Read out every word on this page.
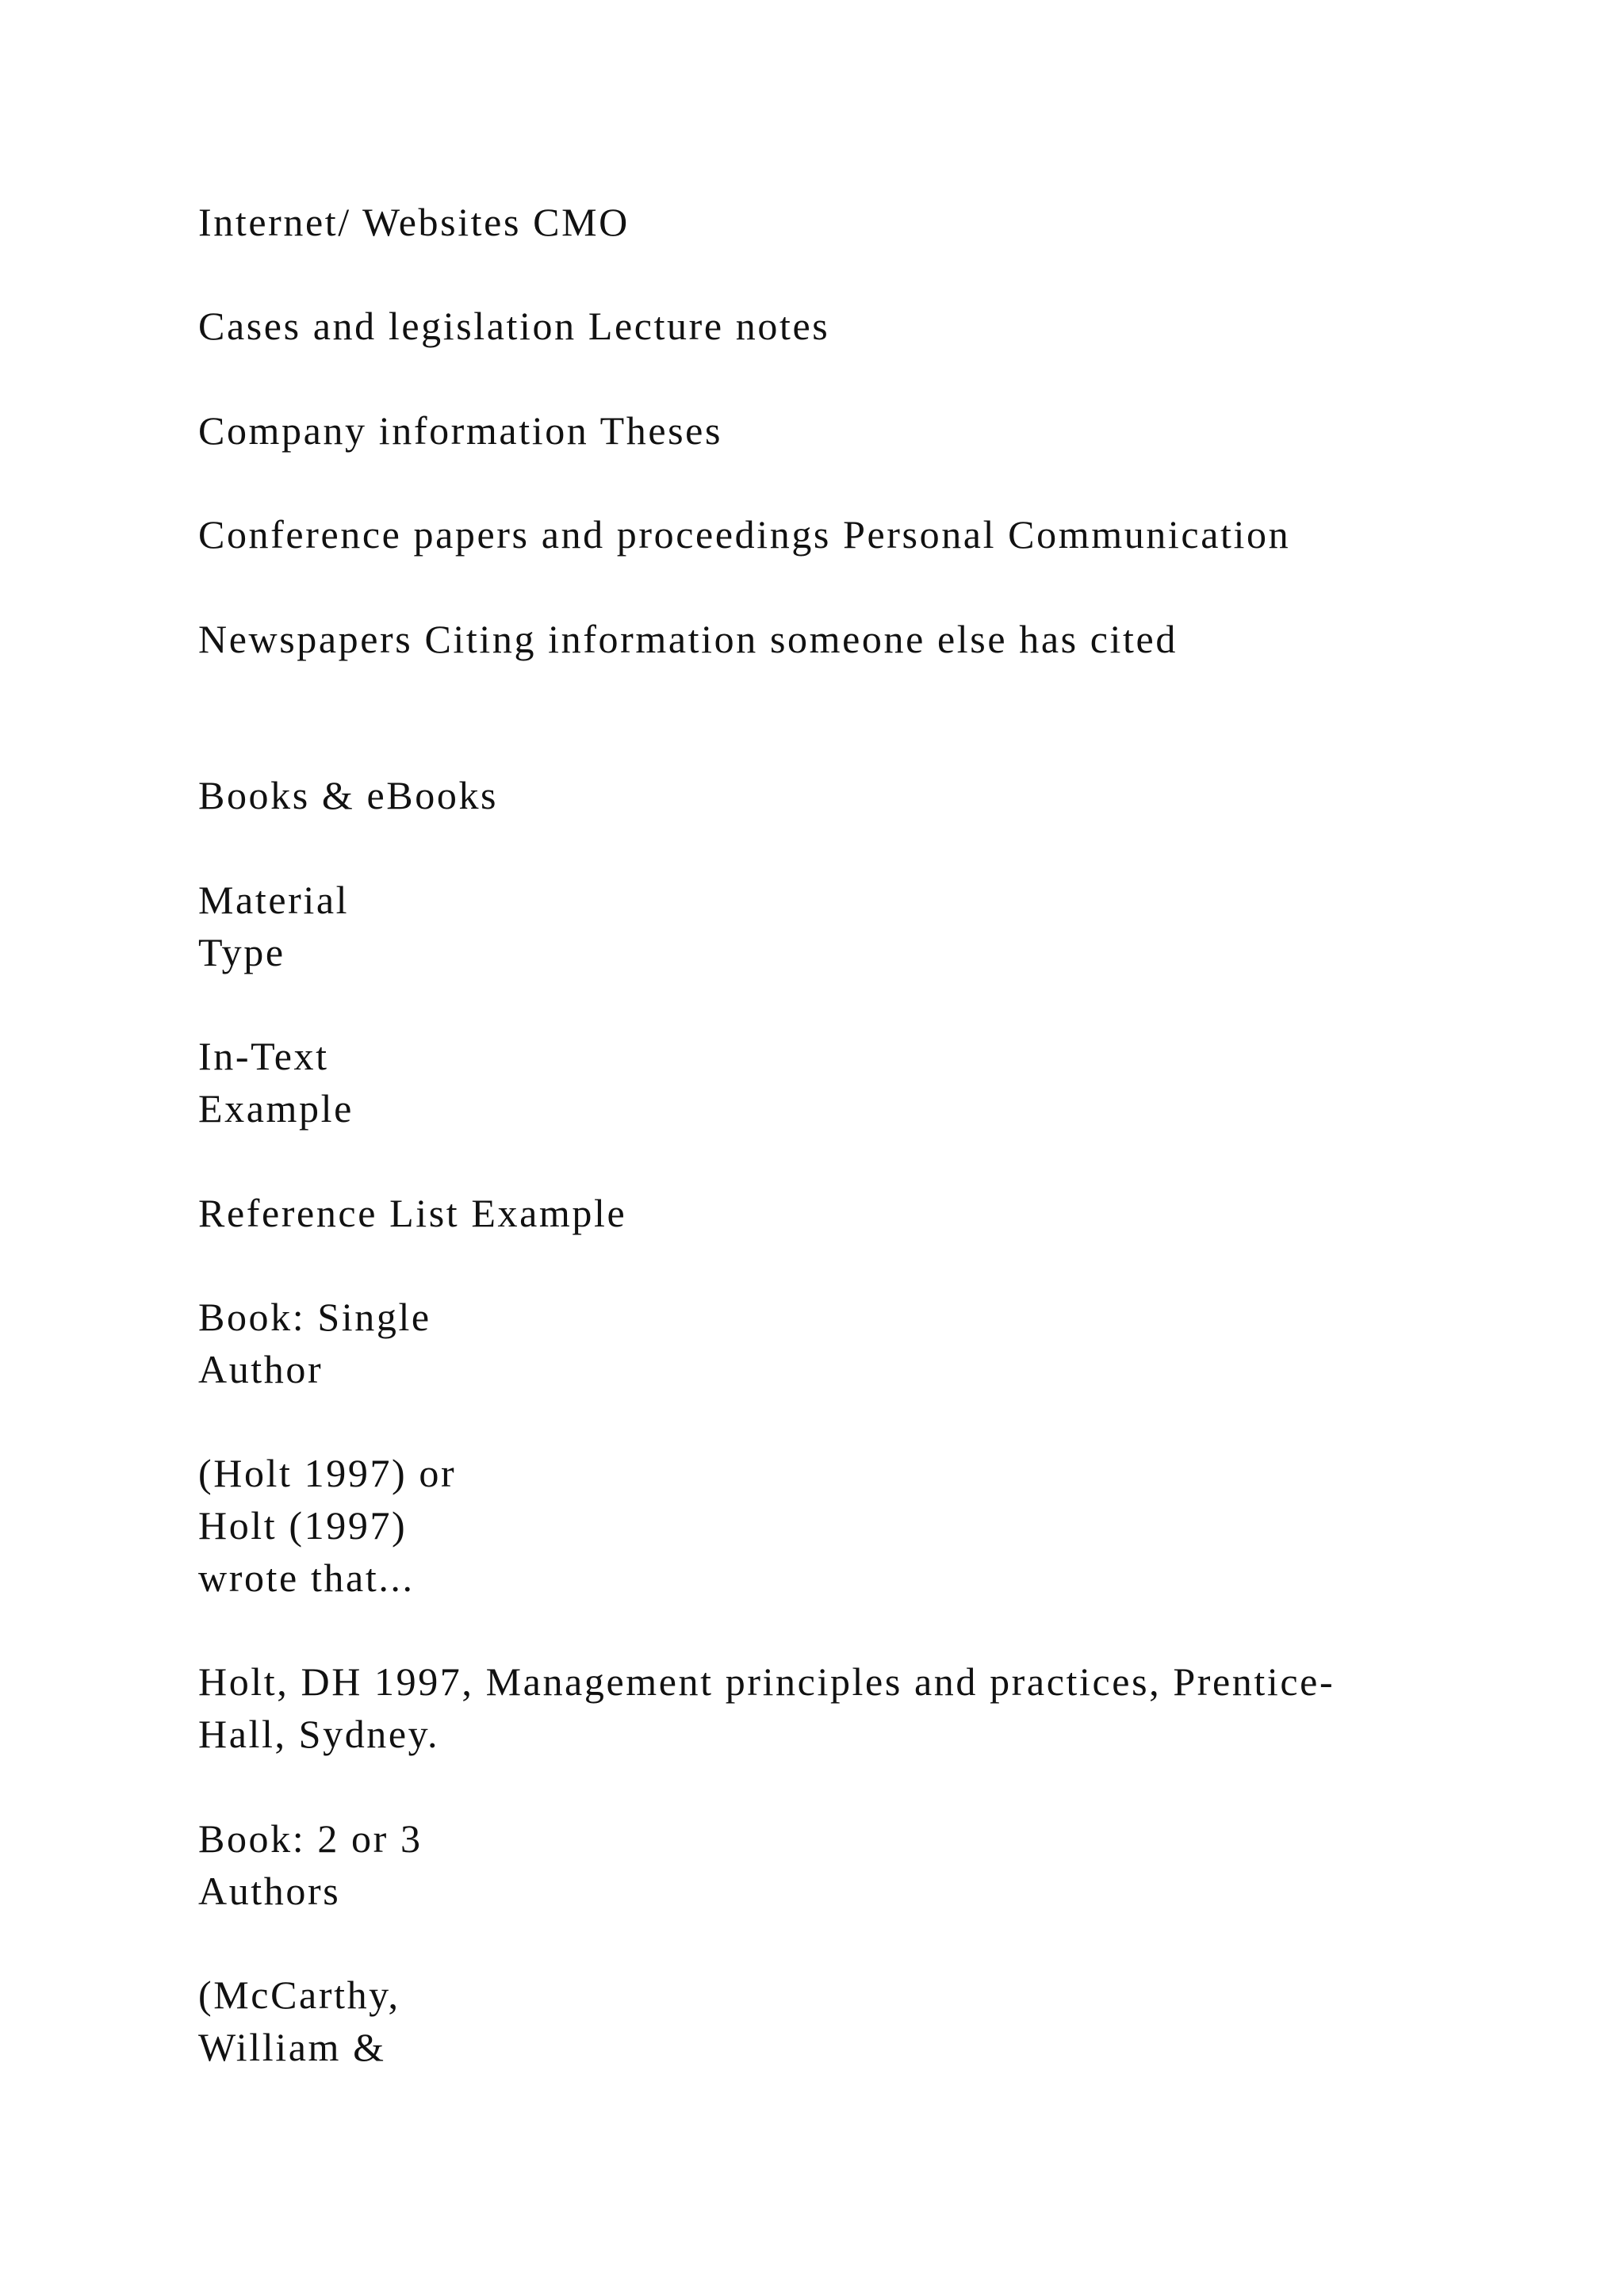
Internet/ Websites CMO

Cases and legislation Lecture notes

Company information Theses

Conference papers and proceedings Personal Communication

Newspapers Citing information someone else has cited

Books & eBooks

Material
Type

In-Text
Example

Reference List Example

Book: Single
Author

(Holt 1997) or
Holt (1997)
wrote that...

Holt, DH 1997, Management principles and practices, Prentice-
Hall, Sydney.

Book: 2 or 3
Authors

(McCarthy,
William &
